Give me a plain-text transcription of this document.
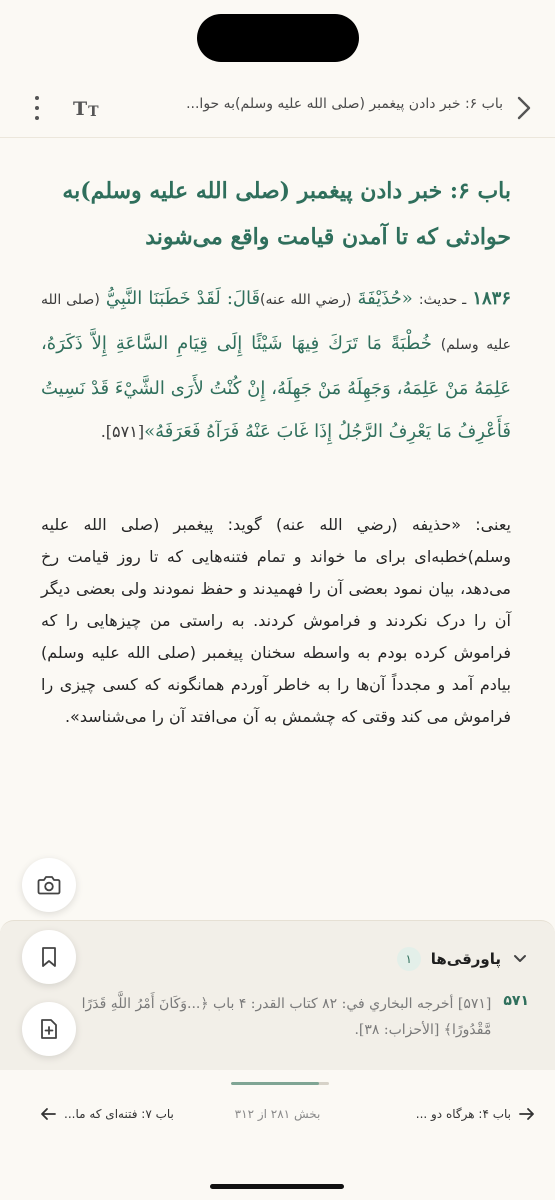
باب ۶: خبر دادن پیغمبر (صلی الله علیه وسلم)به حوا...
T T
باب ۶: خبر دادن پیغمبر (صلی الله علیه وسلم)به حوادثی که تا آمدن قیامت واقع می‌شوند
۱۸۳۶ ـ حدیث: «حُذَيْفَةَ (رضي الله عنه)قَالَ: لَقَدْ خَطَبَنَا النَّبِيُّ (صلی الله علیه وسلم) خُطْبَةً مَا تَرَكَ فِيهَا شَيْئًا إِلَى قِيَامِ السَّاعَةِ إِلاَّ ذَكَرَهُ، عَلِمَهُ مَنْ عَلِمَهُ، وَجَهِلَهُ مَنْ جَهِلَهُ، إِنْ كُنْتُ لأَرَى الشَّيْءَ قَدْ نَسِيتُ فَأَعْرِفُ مَا يَعْرِفُ الرَّجُلُ إِذَا غَابَ عَنْهُ فَرَآهُ فَعَرَفَهُ»[۵۷۱].
یعنی: «حذیفه (رضي الله عنه) گوید: پیغمبر (صلی الله علیه وسلم)خطبه‌ای برای ما خواند و تمام فتنه‌هایی که تا روز قیامت رخ می‌دهد، بیان نمود بعضی آن را فهمیدند و حفظ نمودند ولی بعضی دیگر آن را درک نکردند و فراموش کردند. به راستی من چیزهایی را که فراموش کرده بودم به واسطه سخنان پیغمبر (صلی الله علیه وسلم) بیادم آمد و مجدداً آن‌ها را به خاطر آوردم همانگونه که کسی چیزی را فراموش می کند وقتی که چشمش به آن می‌افتد آن را می‌شناسد».
پاورقی‌ها
۱
۵۷۱
[۵۷۱] أخرجه البخاري في: ۸۲ كتاب القدر: ۴ باب ﴿...وَكَانَ أَمْرُ اللَّهِ قَدَرًا مَّقْدُورًا﴾ [الأحزاب: ۳۸].
بخش ۲۸۱ از ۳۱۲	باب ۴: هرگاه دو ...
باب ۷: فتنه‌ای که ما...
